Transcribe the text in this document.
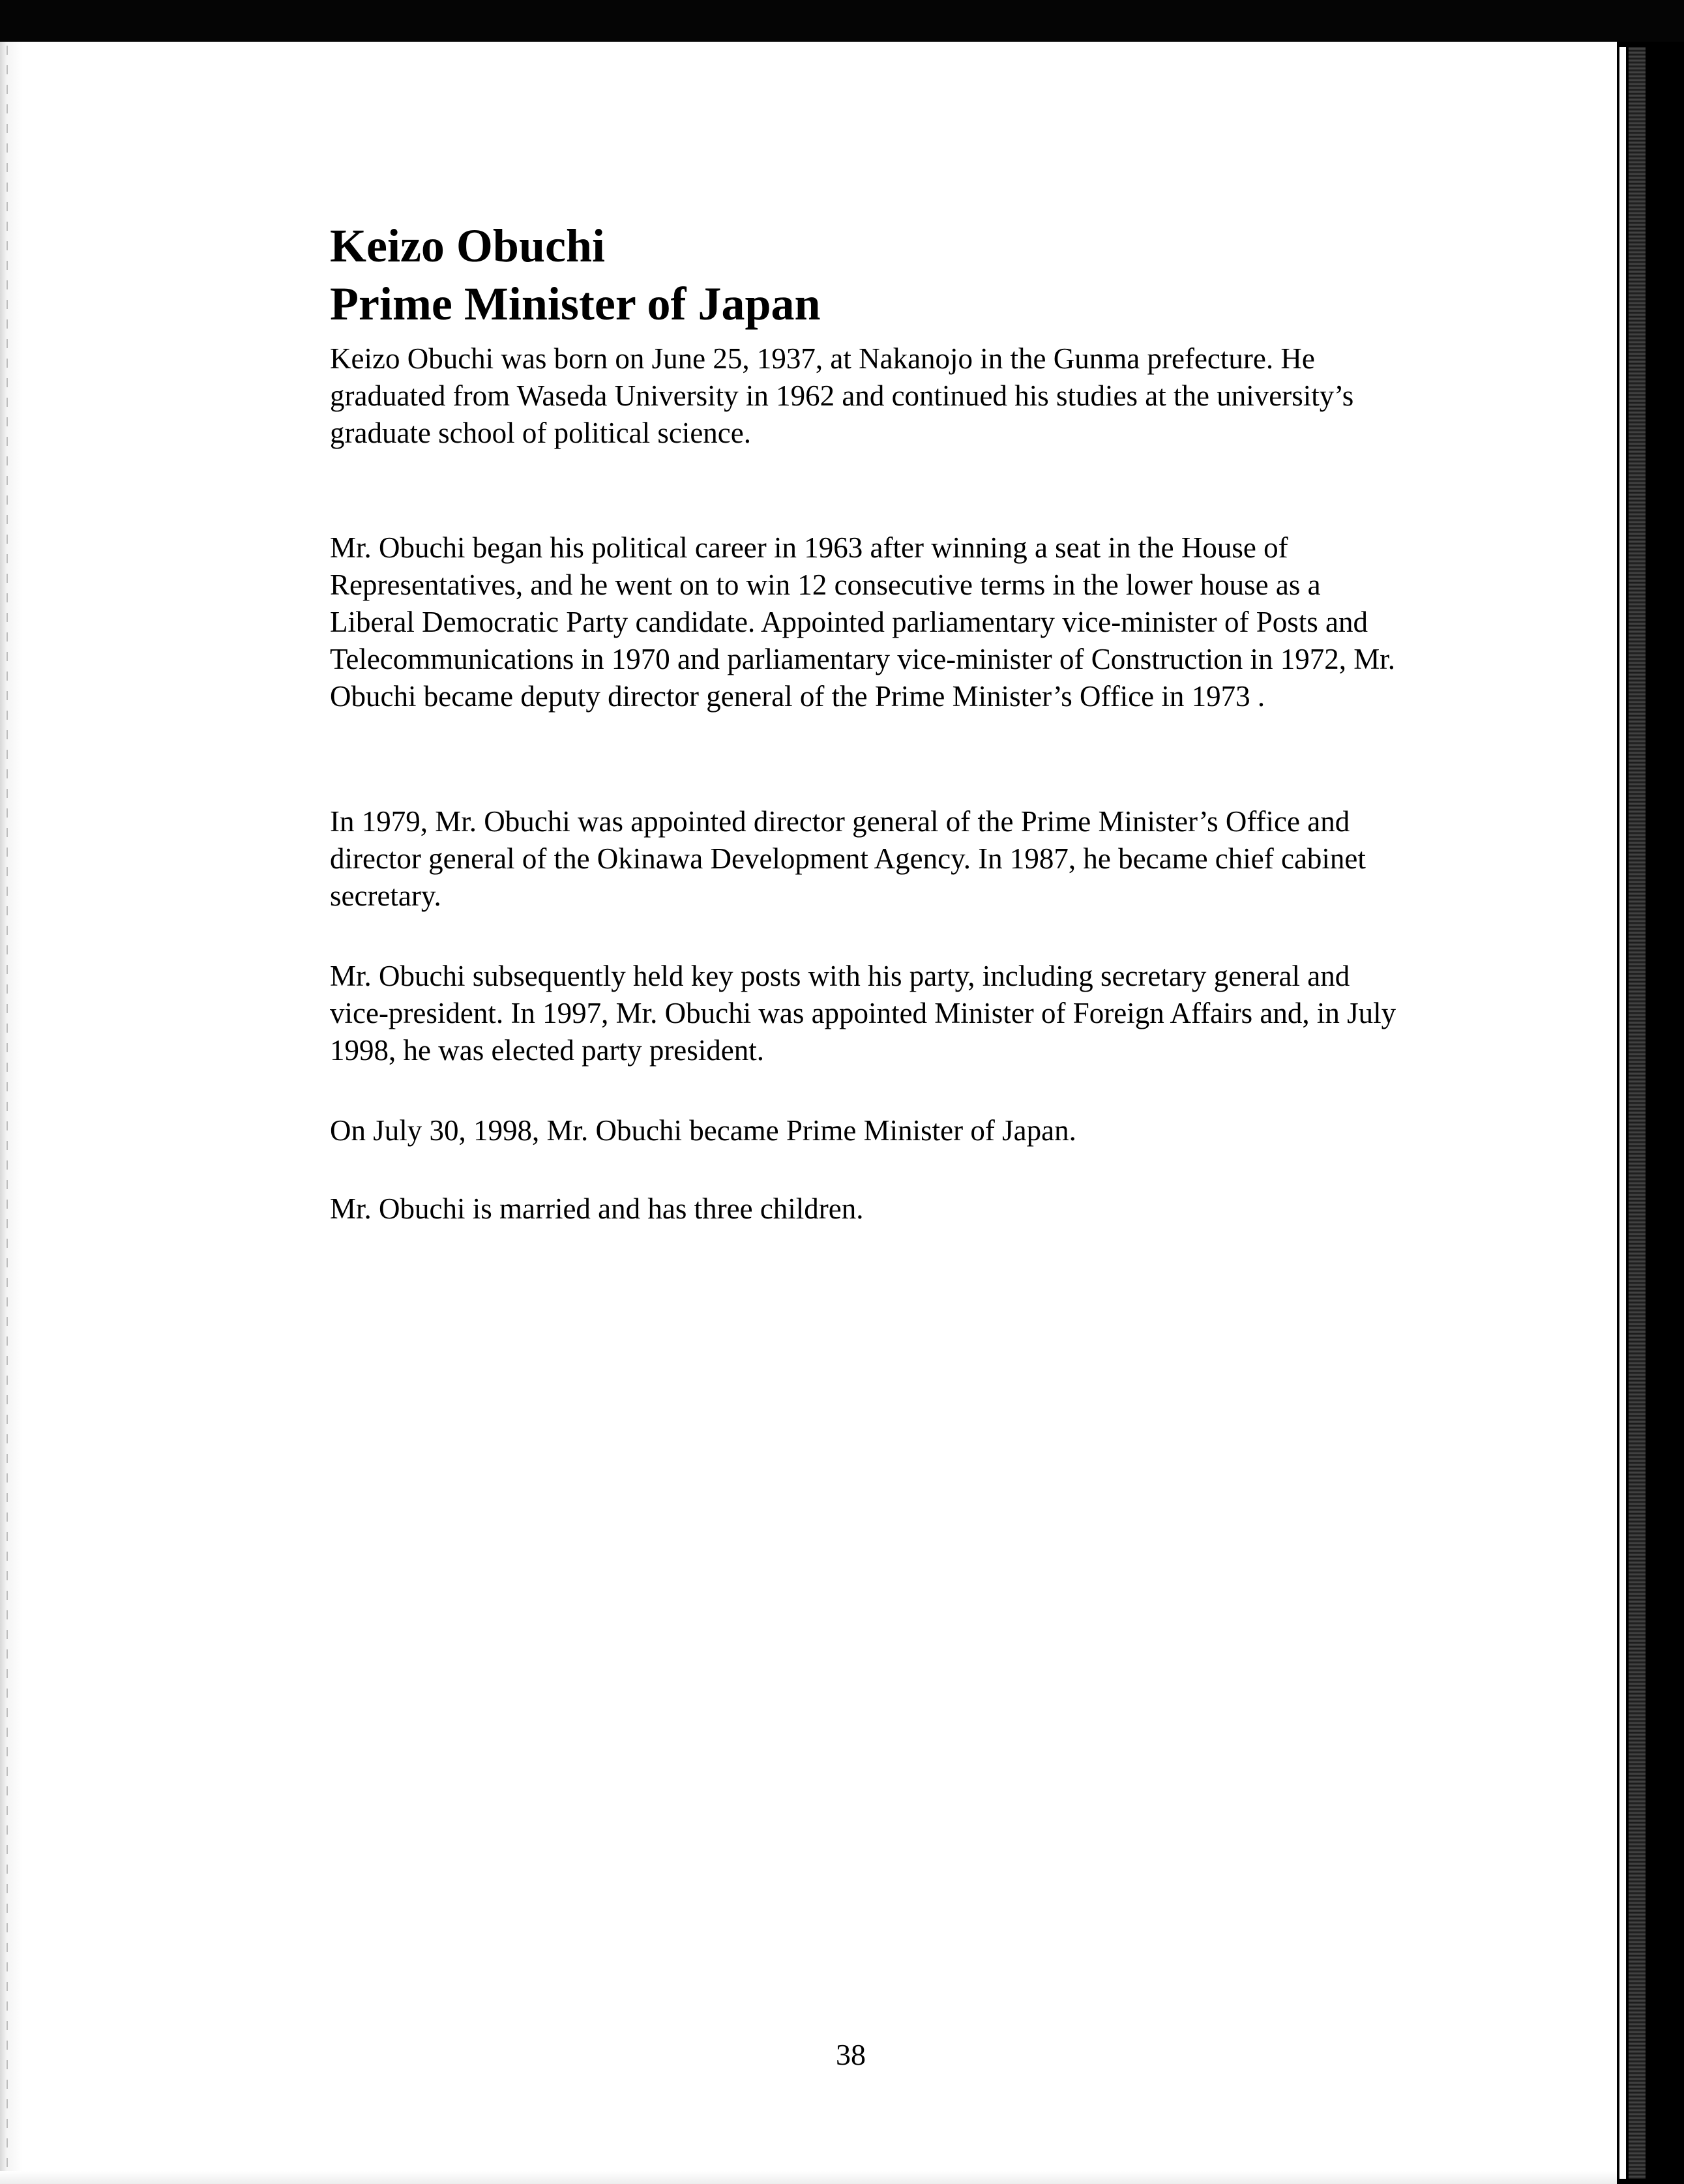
Keizo Obuchi
Prime Minister of Japan

Keizo Obuchi was born on June 25, 1937, at Nakanojo in the Gunma prefecture. He graduated from Waseda University in 1962 and continued his studies at the university’s graduate school of political science.

Mr. Obuchi began his political career in 1963 after winning a seat in the House of Representatives, and he went on to win 12 consecutive terms in the lower house as a Liberal Democratic Party candidate. Appointed parliamentary vice-minister of Posts and Telecommunications in 1970 and parliamentary vice-minister of Construction in 1972, Mr. Obuchi became deputy director general of the Prime Minister’s Office in 1973 .

In 1979, Mr. Obuchi was appointed director general of the Prime Minister’s Office and director general of the Okinawa Development Agency. In 1987, he became chief cabinet secretary.

Mr. Obuchi subsequently held key posts with his party, including secretary general and vice-president. In 1997, Mr. Obuchi was appointed Minister of Foreign Affairs and, in July 1998, he was elected party president.

On July 30, 1998, Mr. Obuchi became Prime Minister of Japan.

Mr. Obuchi is married and has three children.

38
